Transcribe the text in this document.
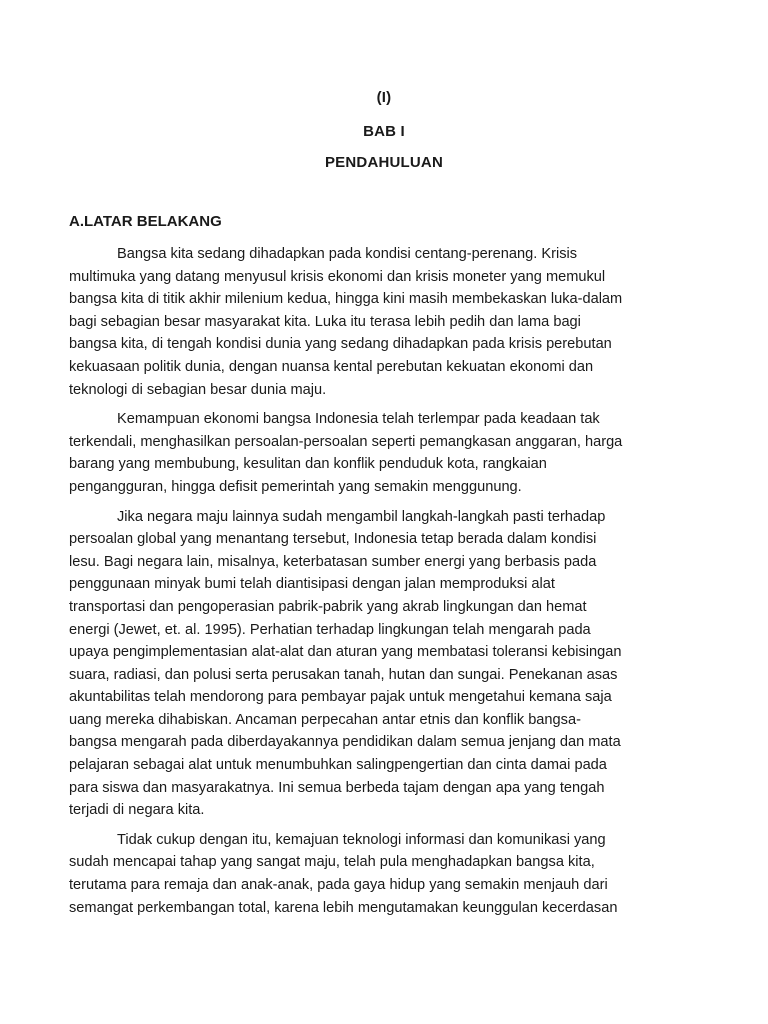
(I)
BAB I
PENDAHULUAN
A.LATAR BELAKANG

Bangsa kita sedang dihadapkan pada kondisi centang-perenang. Krisis
multimuka yang datang menyusul krisis ekonomi dan krisis moneter yang memukul
bangsa kita di titik akhir milenium kedua, hingga kini masih membekaskan luka-dalam
bagi sebagian besar masyarakat kita. Luka itu terasa lebih pedih dan lama bagi
bangsa kita, di tengah kondisi dunia yang sedang dihadapkan pada krisis perebutan
kekuasaan politik dunia, dengan nuansa kental perebutan kekuatan ekonomi dan
teknologi di sebagian besar dunia maju.

Kemampuan ekonomi bangsa Indonesia telah terlempar pada keadaan tak
terkendali, menghasilkan persoalan-persoalan seperti pemangkasan anggaran, harga
barang yang membubung, kesulitan dan konflik penduduk kota, rangkaian
pengangguran, hingga defisit pemerintah yang semakin menggunung.

Jika negara maju lainnya sudah mengambil langkah-langkah pasti terhadap
persoalan global yang menantang tersebut, Indonesia tetap berada dalam kondisi
lesu. Bagi negara lain, misalnya, keterbatasan sumber energi yang berbasis pada
penggunaan minyak bumi telah diantisipasi dengan jalan memproduksi alat
transportasi dan pengoperasian pabrik-pabrik yang akrab lingkungan dan hemat
energi (Jewet, et. al. 1995). Perhatian terhadap lingkungan telah mengarah pada
upaya pengimplementasian alat-alat dan aturan yang membatasi toleransi kebisingan
suara, radiasi, dan polusi serta perusakan tanah, hutan dan sungai. Penekanan asas
akuntabilitas telah mendorong para pembayar pajak untuk mengetahui kemana saja
uang mereka dihabiskan. Ancaman perpecahan antar etnis dan konflik bangsa-
bangsa mengarah pada diberdayakannya pendidikan dalam semua jenjang dan mata
pelajaran sebagai alat untuk menumbuhkan salingpengertian dan cinta damai pada
para siswa dan masyarakatnya. Ini semua berbeda tajam dengan apa yang tengah
terjadi di negara kita.

Tidak cukup dengan itu, kemajuan teknologi informasi dan komunikasi yang
sudah mencapai tahap yang sangat maju, telah pula menghadapkan bangsa kita,
terutama para remaja dan anak-anak, pada gaya hidup yang semakin menjauh dari
semangat perkembangan total, karena lebih mengutamakan keunggulan kecerdasan
